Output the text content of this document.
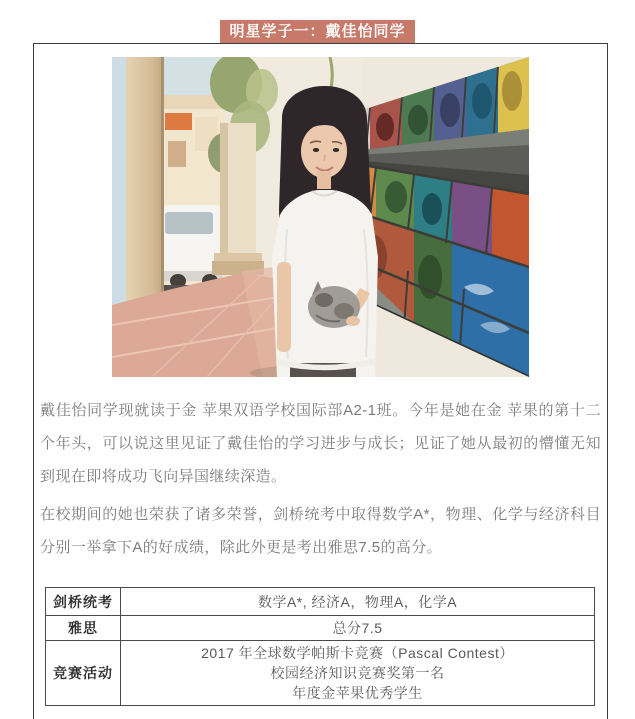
明星学子一：戴佳怡同学

戴佳怡同学现就读于金 苹果双语学校国际部A2-1班。今年是她在金 苹果的第十二个年头，可以说这里见证了戴佳怡的学习进步与成长；见证了她从最初的懵懂无知到现在即将成功飞向异国继续深造。

在校期间的她也荣获了诸多荣誉，剑桥统考中取得数学A*，物理、化学与经济科目分别一举拿下A的好成绩，除此外更是考出雅思7.5的高分。

剑桥统考	数学A*, 经济A，物理A，化学A
雅思	总分7.5
竞赛活动	2017 年全球数学帕斯卡竞赛（Pascal Contest）
校园经济知识竞赛奖第一名
年度金苹果优秀学生
